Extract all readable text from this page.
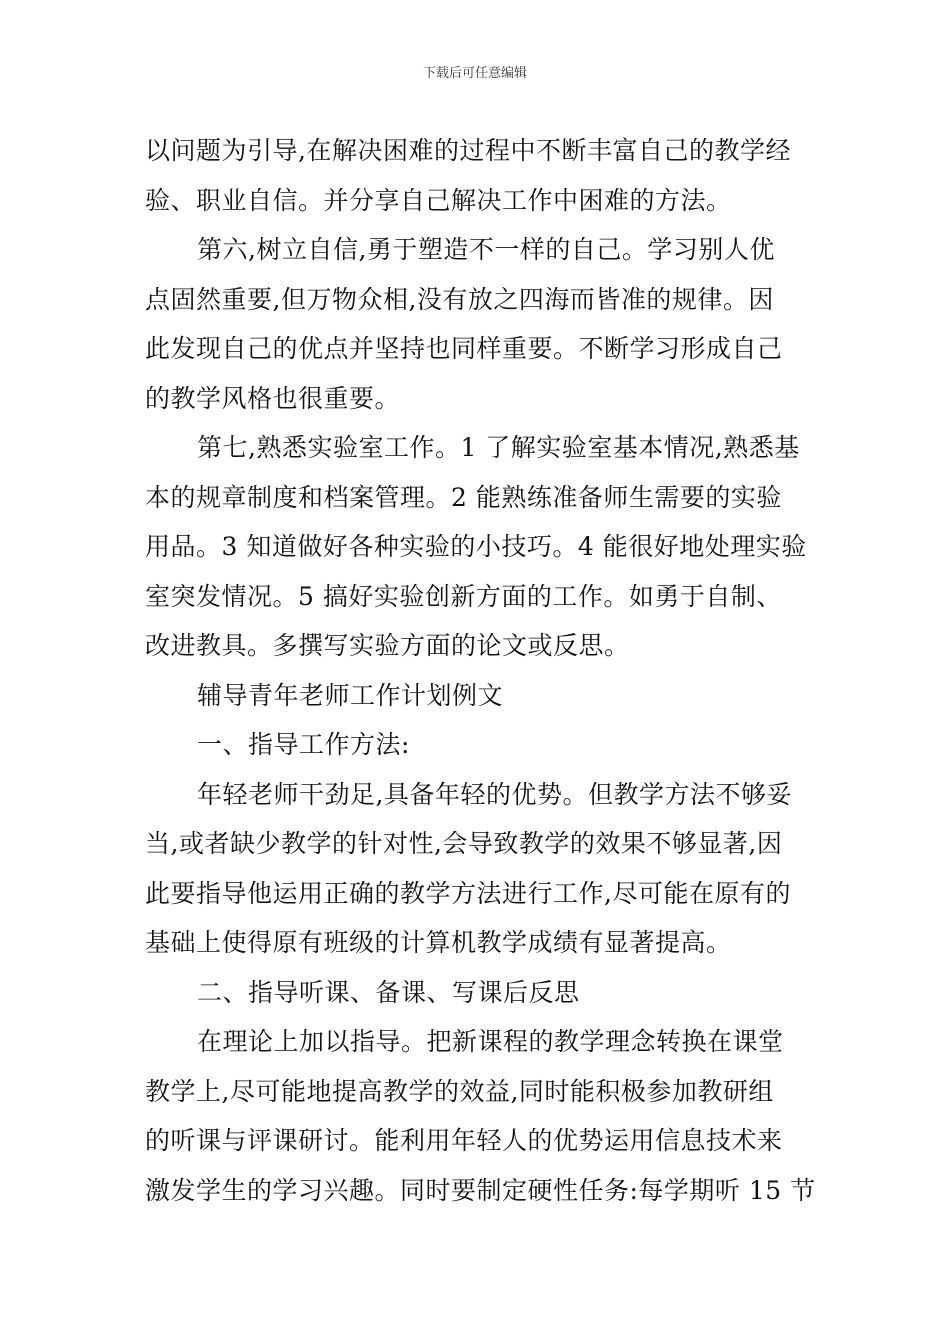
下载后可任意编辑
以问题为引导,在解决困难的过程中不断丰富自己的教学经
验、职业自信。并分享自己解决工作中困难的方法。
第六,树立自信,勇于塑造不一样的自己。学习别人优
点固然重要,但万物众相,没有放之四海而皆准的规律。因
此发现自己的优点并坚持也同样重要。不断学习形成自己
的教学风格也很重要。
第七,熟悉实验室工作。1 了解实验室基本情况,熟悉基
本的规章制度和档案管理。2 能熟练准备师生需要的实验
用品。3 知道做好各种实验的小技巧。4 能很好地处理实验
室突发情况。5 搞好实验创新方面的工作。如勇于自制、
改进教具。多撰写实验方面的论文或反思。
辅导青年老师工作计划例文
一、指导工作方法:
年轻老师干劲足,具备年轻的优势。但教学方法不够妥
当,或者缺少教学的针对性,会导致教学的效果不够显著,因
此要指导他运用正确的教学方法进行工作,尽可能在原有的
基础上使得原有班级的计算机教学成绩有显著提高。
二、指导听课、备课、写课后反思
在理论上加以指导。把新课程的教学理念转换在课堂
教学上,尽可能地提高教学的效益,同时能积极参加教研组
的听课与评课研讨。能利用年轻人的优势运用信息技术来
激发学生的学习兴趣。同时要制定硬性任务:每学期听 15 节
